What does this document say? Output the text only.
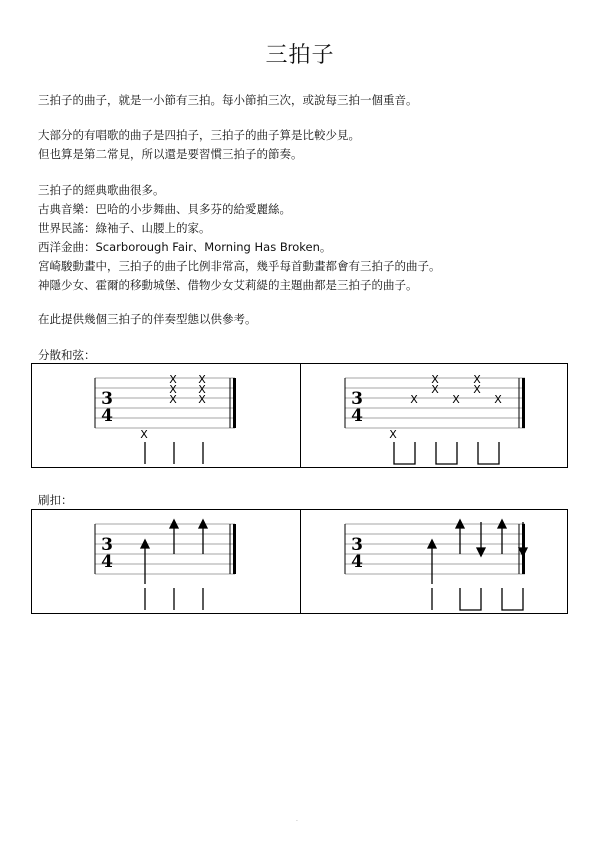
三拍子
三拍子的曲子，就是一小節有三拍。每小節拍三次，或說每三拍一個重音。
大部分的有唱歌的曲子是四拍子，三拍子的曲子算是比較少見。
但也算是第二常見，所以還是要習慣三拍子的節奏。
三拍子的經典歌曲很多。
古典音樂：巴哈的小步舞曲、貝多芬的給愛麗絲。
世界民謠：綠袖子、山腰上的家。
西洋金曲：Scarborough Fair、Morning Has Broken。
宮崎駿動畫中，三拍子的曲子比例非常高，幾乎每首動畫都會有三拍子的曲子。
神隱少女、霍爾的移動城堡、借物少女艾莉緹的主題曲都是三拍子的曲子。
在此提供幾個三拍子的伴奏型態以供參考。
分散和弦：
3
4
X
X
X
X
X
X
X	3
4
X
X
X
X
X
X
X
X
刷扣：
3
4
3
4
·
